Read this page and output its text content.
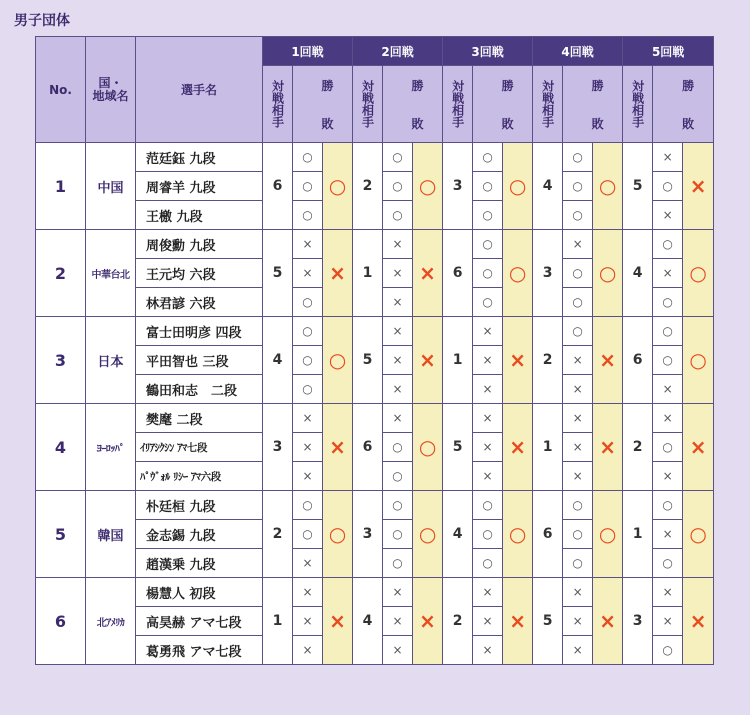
男子団体
No.	国・
地域名	選手名	1回戦			2回戦			3回戦			4回戦			5回戦		

			対戦相手	勝		対戦相手	勝		対戦相手	勝		対戦相手	勝		対戦相手	勝	
				敗			敗			敗			敗			敗	
1	中国	范廷鈺 九段	6	○	○	2	○	○	3	○	○	4	○	○	5	×	×
		周睿羊 九段		○			○			○			○			○	
		王檄 九段		○			○			○			○			×	
2	中華台北	周俊勳 九段	5	×	×	1	×	×	6	○	○	3	×	○	4	○	○
		王元均 六段		×			×			○			○			×	
		林君諺 六段		○			×			○			○			○	
3	日本	富士田明彦 四段	4	○	○	5	×	×	1	×	×	2	○	×	6	○	○
		平田智也 三段		○			×			×			×			○	
		鶴田和志　二段		○			×			×			×			×	
4	ﾖｰﾛｯﾊﾟ	樊麾 二段	3	×	×	6	×	○	5	×	×	1	×	×	2	×	×
		ｲﾘｱｼｸｼﾝ ｱﾏ七段		×			○			×			×			○	
		ﾊﾟｳﾞｫﾙ ﾘｼｰ ｱﾏ六段		×			○			×			×			×	
5	韓国	朴廷桓 九段	2	○	○	3	○	○	4	○	○	6	○	○	1	○	○
		金志錫 九段		○			○			○			○			×	
		趙漢乗 九段		×			○			○			○			○	
6	北ｱﾒﾘｶ	楊慧人 初段	1	×	×	4	×	×	2	×	×	5	×	×	3	×	×
		高昊赫 アマ七段		×			×			×			×			×	
		葛勇飛 アマ七段		×			×			×			×			○	
